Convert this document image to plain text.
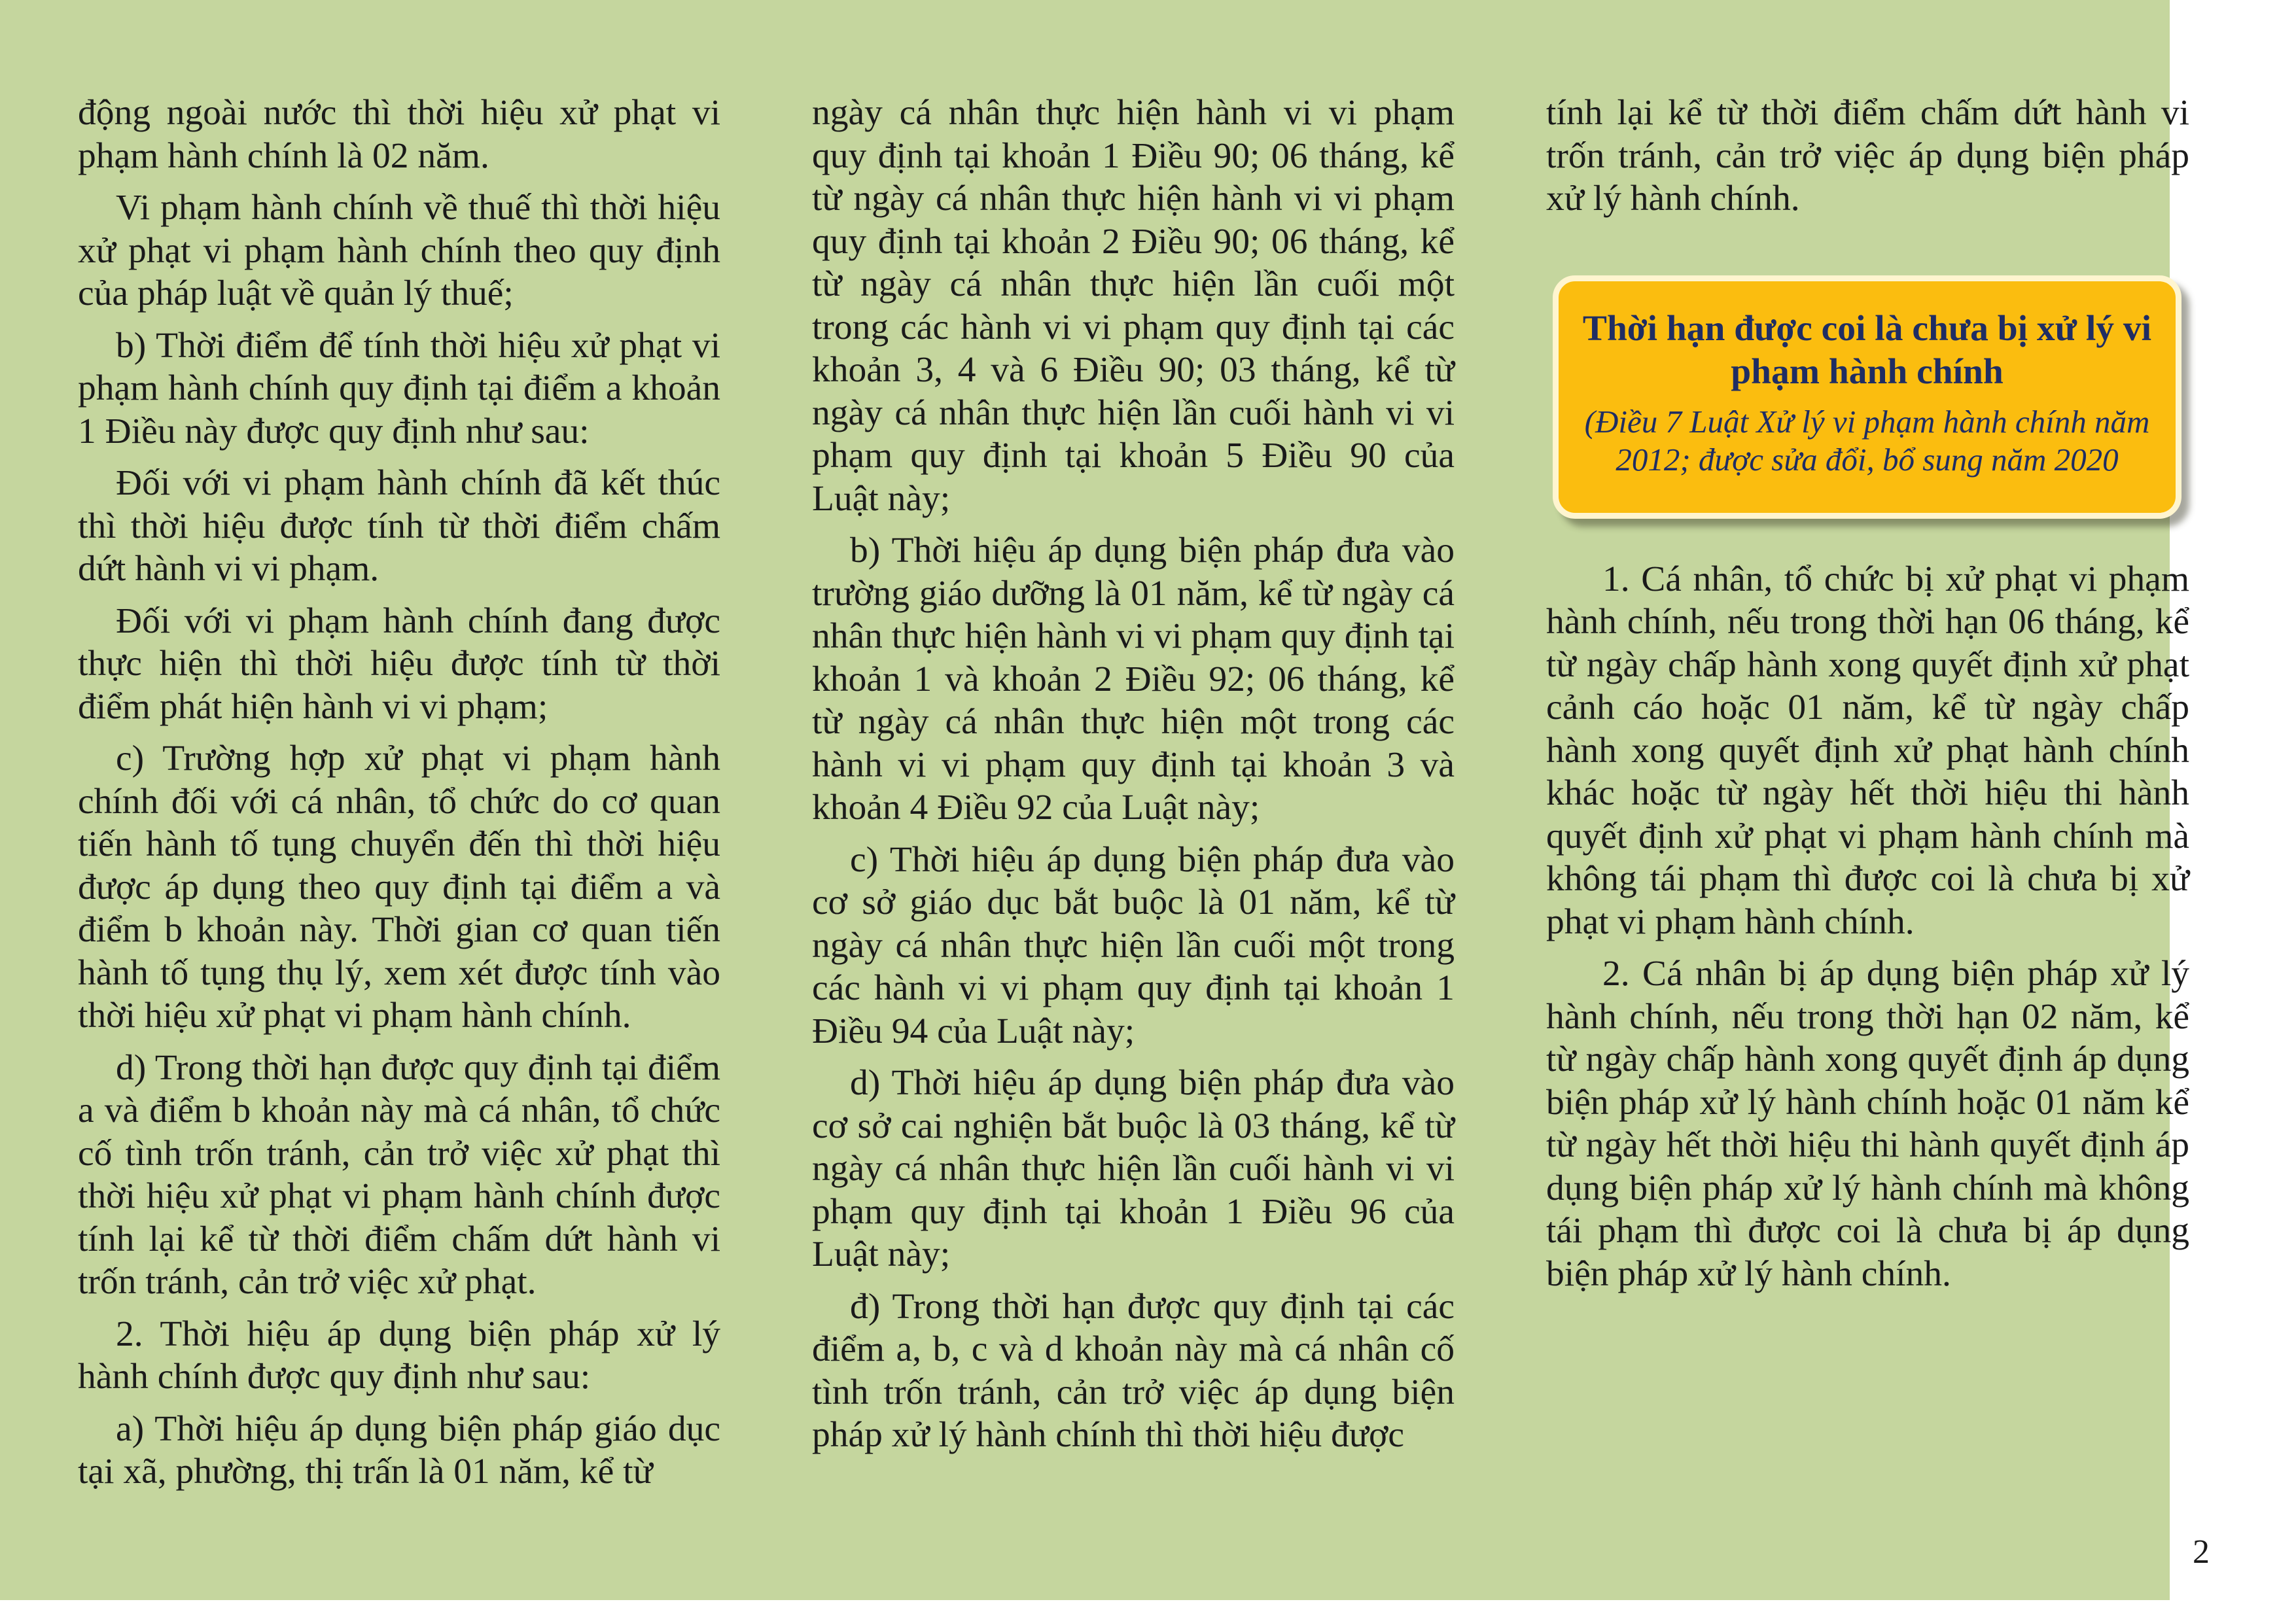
động ngoài nước thì thời hiệu xử phạt vi phạm hành chính là 02 năm.

Vi phạm hành chính về thuế thì thời hiệu xử phạt vi phạm hành chính theo quy định của pháp luật về quản lý thuế;

b) Thời điểm để tính thời hiệu xử phạt vi phạm hành chính quy định tại điểm a khoản 1 Điều này được quy định như sau:

Đối với vi phạm hành chính đã kết thúc thì thời hiệu được tính từ thời điểm chấm dứt hành vi vi phạm.

Đối với vi phạm hành chính đang được thực hiện thì thời hiệu được tính từ thời điểm phát hiện hành vi vi phạm;

c) Trường hợp xử phạt vi phạm hành chính đối với cá nhân, tổ chức do cơ quan tiến hành tố tụng chuyển đến thì thời hiệu được áp dụng theo quy định tại điểm a và điểm b khoản này. Thời gian cơ quan tiến hành tố tụng thụ lý, xem xét được tính vào thời hiệu xử phạt vi phạm hành chính.

d) Trong thời hạn được quy định tại điểm a và điểm b khoản này mà cá nhân, tổ chức cố tình trốn tránh, cản trở việc xử phạt thì thời hiệu xử phạt vi phạm hành chính được tính lại kể từ thời điểm chấm dứt hành vi trốn tránh, cản trở việc xử phạt.

2. Thời hiệu áp dụng biện pháp xử lý hành chính được quy định như sau:

a) Thời hiệu áp dụng biện pháp giáo dục tại xã, phường, thị trấn là 01 năm, kể từ

ngày cá nhân thực hiện hành vi vi phạm quy định tại khoản 1 Điều 90; 06 tháng, kể từ ngày cá nhân thực hiện hành vi vi phạm quy định tại khoản 2 Điều 90; 06 tháng, kể từ ngày cá nhân thực hiện lần cuối một trong các hành vi vi phạm quy định tại các khoản 3, 4 và 6 Điều 90; 03 tháng, kể từ ngày cá nhân thực hiện lần cuối hành vi vi phạm quy định tại khoản 5 Điều 90 của Luật này;

b) Thời hiệu áp dụng biện pháp đưa vào trường giáo dưỡng là 01 năm, kể từ ngày cá nhân thực hiện hành vi vi phạm quy định tại khoản 1 và khoản 2 Điều 92; 06 tháng, kể từ ngày cá nhân thực hiện một trong các hành vi vi phạm quy định tại khoản 3 và khoản 4 Điều 92 của Luật này;

c) Thời hiệu áp dụng biện pháp đưa vào cơ sở giáo dục bắt buộc là 01 năm, kể từ ngày cá nhân thực hiện lần cuối một trong các hành vi vi phạm quy định tại khoản 1 Điều 94 của Luật này;

d) Thời hiệu áp dụng biện pháp đưa vào cơ sở cai nghiện bắt buộc là 03 tháng, kể từ ngày cá nhân thực hiện lần cuối hành vi vi phạm quy định tại khoản 1 Điều 96 của Luật này;

đ) Trong thời hạn được quy định tại các điểm a, b, c và d khoản này mà cá nhân cố tình trốn tránh, cản trở việc áp dụng biện pháp xử lý hành chính thì thời hiệu được

tính lại kể từ thời điểm chấm dứt hành vi trốn tránh, cản trở việc áp dụng biện pháp xử lý hành chính.

Thời hạn được coi là chưa bị xử lý vi phạm hành chính

(Điều 7 Luật Xử lý vi phạm hành chính năm 2012; được sửa đổi, bổ sung năm 2020

1. Cá nhân, tổ chức bị xử phạt vi phạm hành chính, nếu trong thời hạn 06 tháng, kể từ ngày chấp hành xong quyết định xử phạt cảnh cáo hoặc 01 năm, kể từ ngày chấp hành xong quyết định xử phạt hành chính khác hoặc từ ngày hết thời hiệu thi hành quyết định xử phạt vi phạm hành chính mà không tái phạm thì được coi là chưa bị xử phạt vi phạm hành chính.

2. Cá nhân bị áp dụng biện pháp xử lý hành chính, nếu trong thời hạn 02 năm, kể từ ngày chấp hành xong quyết định áp dụng biện pháp xử lý hành chính hoặc 01 năm kể từ ngày hết thời hiệu thi hành quyết định áp dụng biện pháp xử lý hành chính mà không tái phạm thì được coi là chưa bị áp dụng biện pháp xử lý hành chính.

2
